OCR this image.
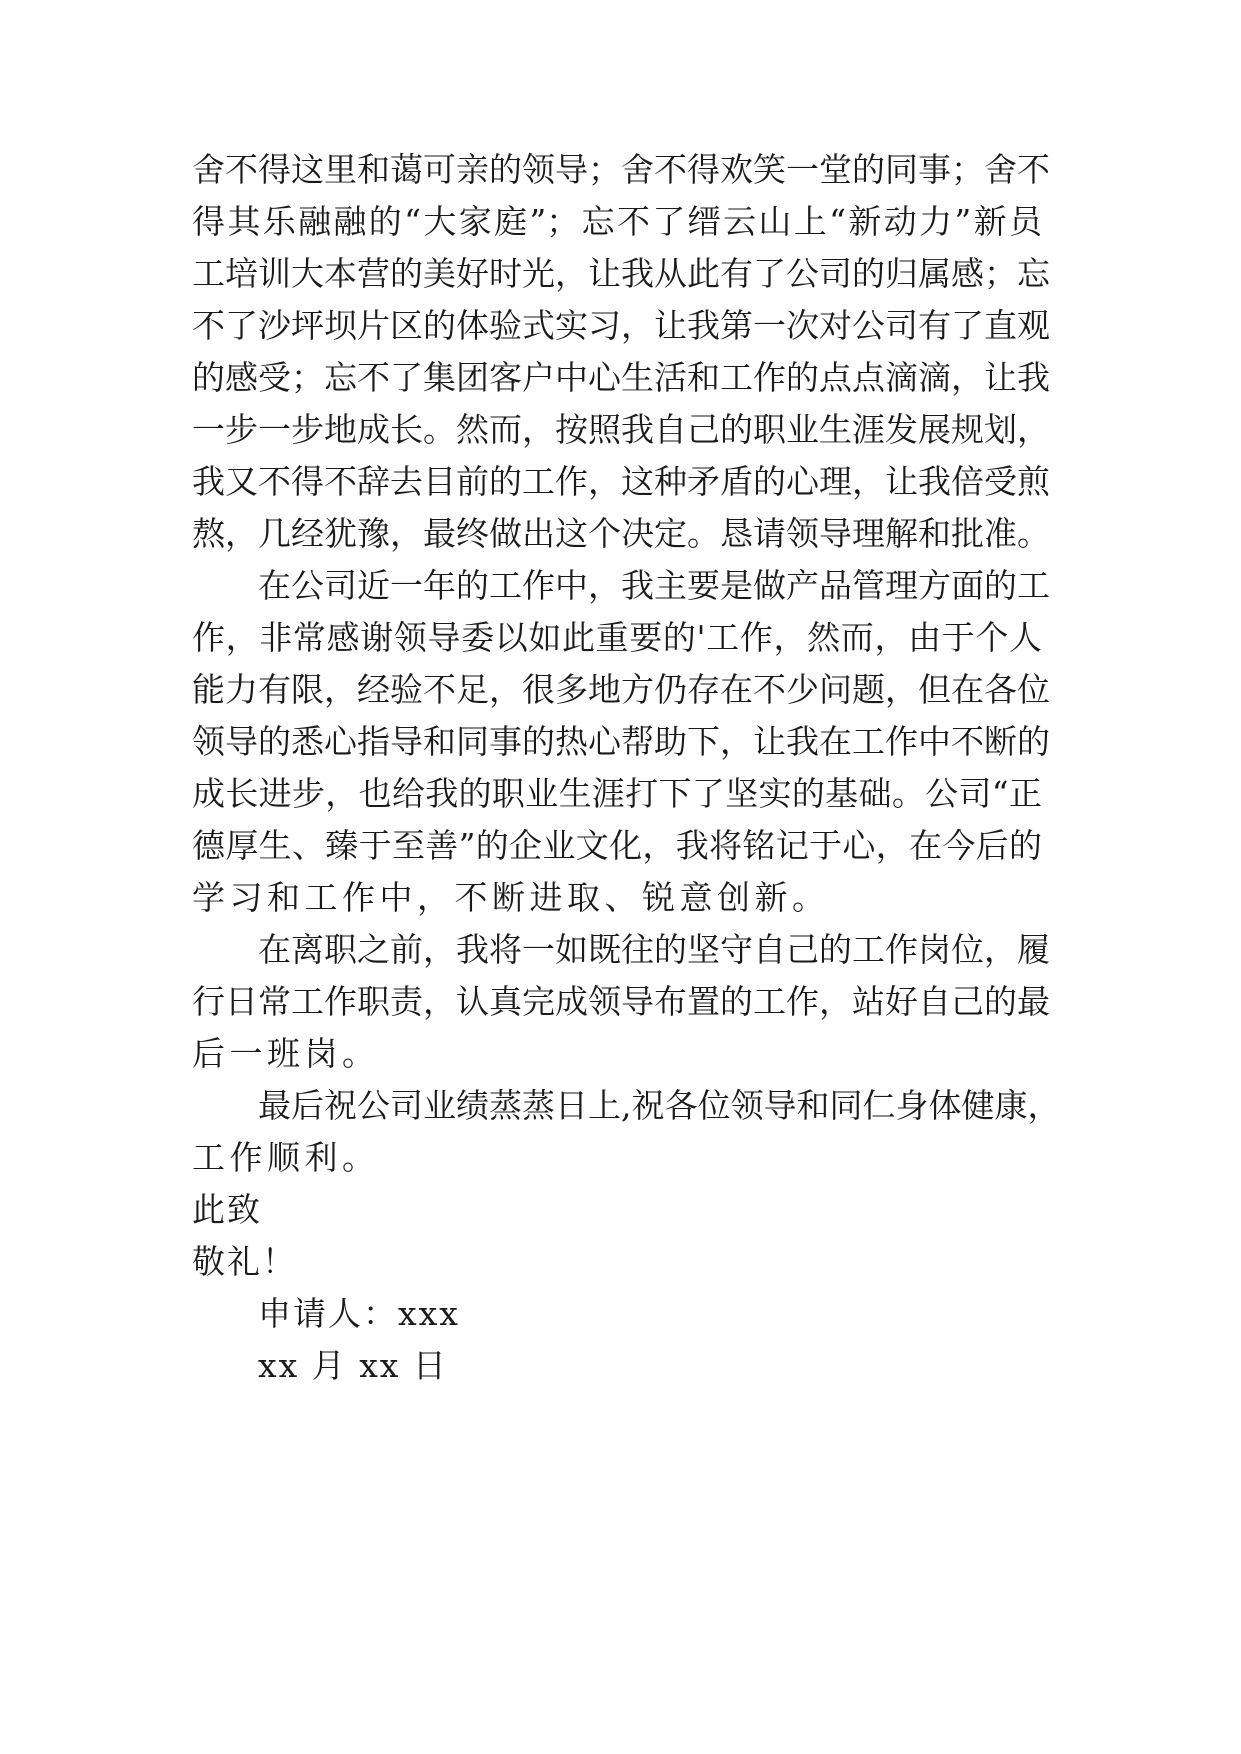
舍不得这里和蔼可亲的领导；舍不得欢笑一堂的同事；舍不

得其乐融融的“大家庭”；忘不了缙云山上“新动力”新员

工培训大本营的美好时光，让我从此有了公司的归属感；忘

不了沙坪坝片区的体验式实习，让我第一次对公司有了直观

的感受；忘不了集团客户中心生活和工作的点点滴滴，让我

一步一步地成长。然而，按照我自己的职业生涯发展规划，

我又不得不辞去目前的工作，这种矛盾的心理，让我倍受煎

熬，几经犹豫，最终做出这个决定。恳请领导理解和批准。

在公司近一年的工作中，我主要是做产品管理方面的工

作，非常感谢领导委以如此重要的'工作，然而，由于个人

能力有限，经验不足，很多地方仍存在不少问题，但在各位

领导的悉心指导和同事的热心帮助下，让我在工作中不断的

成长进步，也给我的职业生涯打下了坚实的基础。公司“正

德厚生、臻于至善”的企业文化，我将铭记于心，在今后的

学习和工作中，不断进取、锐意创新。

在离职之前，我将一如既往的坚守自己的工作岗位，履

行日常工作职责，认真完成领导布置的工作，站好自己的最

后一班岗。

最后祝公司业绩蒸蒸日上,祝各位领导和同仁身体健康，

工作顺利。

此致

敬礼！

申请人：xxx

xx 月 xx 日
